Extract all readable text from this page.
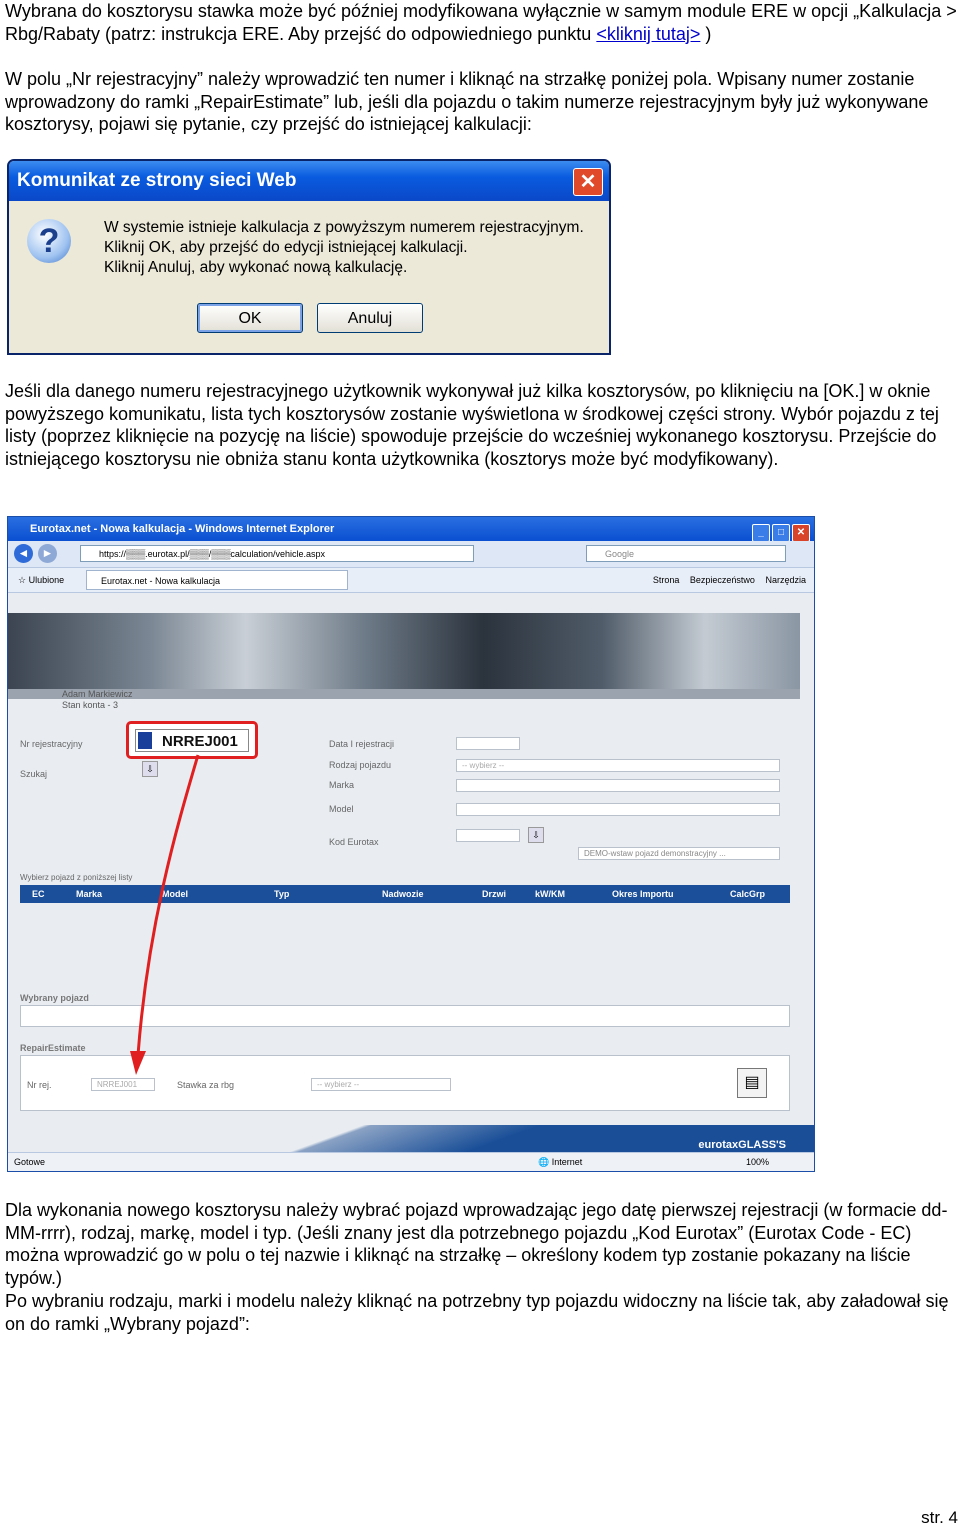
Wybrana do kosztorysu stawka może być później modyfikowana wyłącznie w samym module ERE w opcji „Kalkulacja > Rbg/Rabaty (patrz: instrukcja ERE. Aby przejść do odpowiedniego punktu <kliknij tutaj> )

W polu „Nr rejestracyjny” należy wprowadzić ten numer i kliknąć na strzałkę poniżej pola. Wpisany numer zostanie wprowadzony do ramki „RepairEstimate” lub, jeśli dla pojazdu o takim numerze rejestracyjnym były już wykonywane kosztorysy, pojawi się pytanie, czy przejść do istniejącej kalkulacji:

Komunikat ze strony sieci Web	✕
?	W systemie istnieje kalkulacja z powyższym numerem rejestracyjnym.
Kliknij OK, aby przejść do edycji istniejącej kalkulacji.
Kliknij Anuluj, aby wykonać nową kalkulację.
OK	Anuluj

Jeśli dla danego numeru rejestracyjnego użytkownik wykonywał już kilka kosztorysów, po kliknięciu na [OK.] w oknie powyższego komunikatu, lista tych kosztorysów zostanie wyświetlona w środkowej części strony. Wybór pojazdu z tej listy (poprzez kliknięcie na pozycję na liście) spowoduje przejście do wcześniej wykonanego kosztorysu. Przejście do istniejącego kosztorysu nie obniża stanu konta użytkownika (kosztorys może być modyfikowany).

Eurotax.net - Nowa kalkulacja - Windows Internet Explorer	_ □ ✕
◄ ►	https://▒▒▒.eurotax.pl/▒▒▒/▒▒▒calculation/vehicle.aspx	Google
☆ Ulubione	Eurotax.net - Nowa kalkulacja	Strona Bezpieczeństwo Narzędzia
Adam Markiewicz
Stan konta - 3
Nr rejestracyjny	NRREJ001
Szukaj	⇩
Data I rejestracji
Rodzaj pojazdu	-- wybierz --
Marka
Model
Kod Eurotax
⇩
DEMO-wstaw pojazd demonstracyjny ...
Wybierz pojazd z poniższej listy
EC	Marka	Model	Typ	Nadwozie	Drzwi	kW/KM	Okres Importu	CalcGrp
Wybrany pojazd
RepairEstimate
Nr rej.	NRREJ001	Stawka za rbg	-- wybierz --	▤
eurotaxGLASS'S
Gotowe	🌐 Internet	100%

Dla wykonania nowego kosztorysu należy wybrać pojazd wprowadzając jego datę pierwszej rejestracji (w formacie dd-MM-rrrr), rodzaj, markę, model i typ. (Jeśli znany jest dla potrzebnego pojazdu „Kod Eurotax” (Eurotax Code - EC) można wprowadzić go w polu o tej nazwie i kliknąć na strzałkę – określony kodem typ zostanie pokazany na liście typów.)

Po wybraniu rodzaju, marki i modelu należy kliknąć na potrzebny typ pojazdu widoczny na liście tak, aby załadował się on do ramki „Wybrany pojazd”:

str. 4
